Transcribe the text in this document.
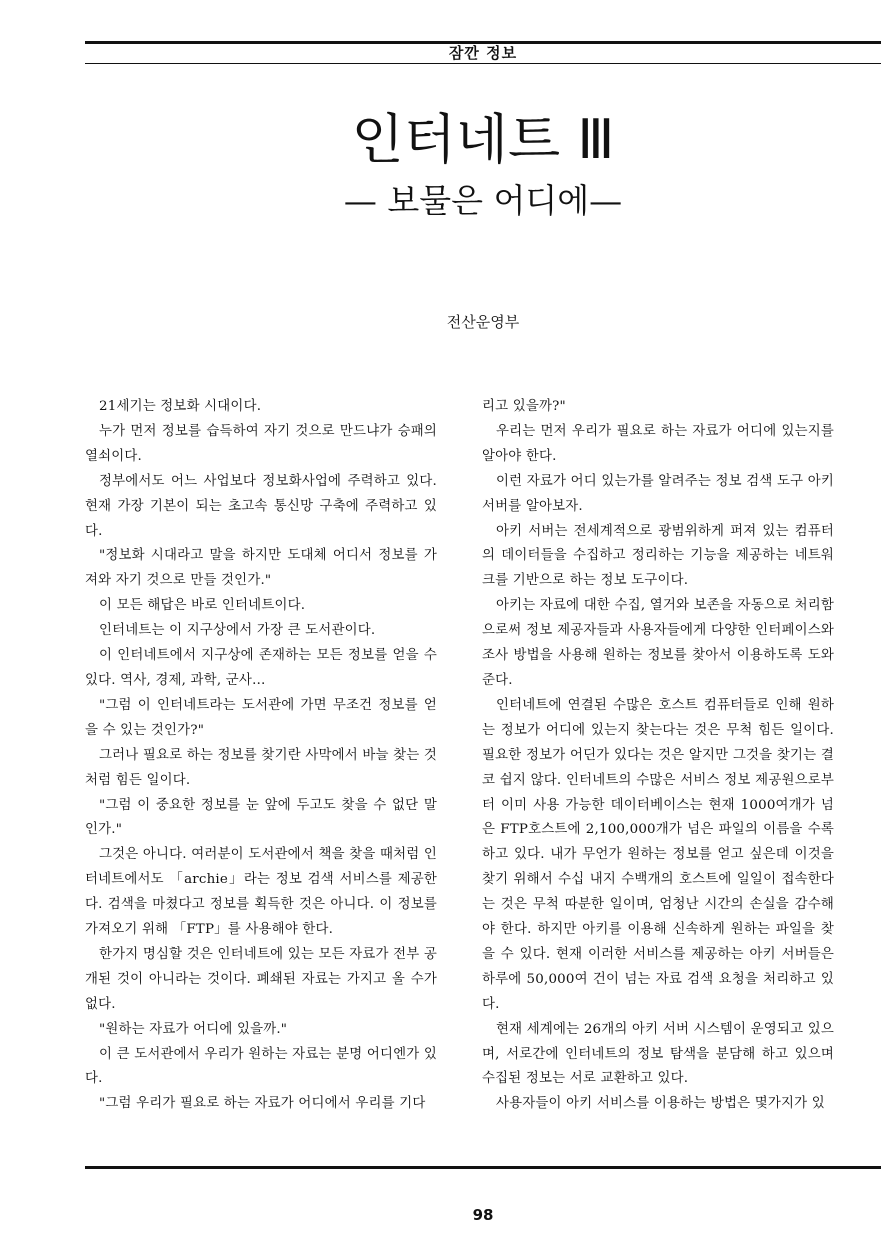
잠깐 정보
인터네트 Ⅲ
— 보물은 어디에—
전산운영부

21세기는 정보화 시대이다.

누가 먼저 정보를 습득하여 자기 것으로 만드냐가 승패의 열쇠이다.

정부에서도 어느 사업보다 정보화사업에 주력하고 있다. 현재 가장 기본이 되는 초고속 통신망 구축에 주력하고 있다.

"정보화 시대라고 말을 하지만 도대체 어디서 정보를 가져와 자기 것으로 만들 것인가."

이 모든 해답은 바로 인터네트이다.

인터네트는 이 지구상에서 가장 큰 도서관이다.

이 인터네트에서 지구상에 존재하는 모든 정보를 얻을 수 있다. 역사, 경제, 과학, 군사…

"그럼 이 인터네트라는 도서관에 가면 무조건 정보를 얻을 수 있는 것인가?"

그러나 필요로 하는 정보를 찾기란 사막에서 바늘 찾는 것처럼 힘든 일이다.

"그럼 이 중요한 정보를 눈 앞에 두고도 찾을 수 없단 말인가."

그것은 아니다. 여러분이 도서관에서 책을 찾을 때처럼 인터네트에서도 「archie」라는 정보 검색 서비스를 제공한다. 검색을 마쳤다고 정보를 획득한 것은 아니다. 이 정보를 가져오기 위해 「FTP」를 사용해야 한다.

한가지 명심할 것은 인터네트에 있는 모든 자료가 전부 공개된 것이 아니라는 것이다. 폐쇄된 자료는 가지고 올 수가 없다.

"원하는 자료가 어디에 있을까."

이 큰 도서관에서 우리가 원하는 자료는 분명 어디엔가 있다.

"그럼 우리가 필요로 하는 자료가 어디에서 우리를 기다

리고 있을까?"

우리는 먼저 우리가 필요로 하는 자료가 어디에 있는지를 알아야 한다.

이런 자료가 어디 있는가를 알려주는 정보 검색 도구 아키 서버를 알아보자.

아키 서버는 전세계적으로 광범위하게 퍼져 있는 컴퓨터의 데이터들을 수집하고 정리하는 기능을 제공하는 네트워크를 기반으로 하는 정보 도구이다.

아키는 자료에 대한 수집, 열거와 보존을 자동으로 처리함으로써 정보 제공자들과 사용자들에게 다양한 인터페이스와 조사 방법을 사용해 원하는 정보를 찾아서 이용하도록 도와 준다.

인터네트에 연결된 수많은 호스트 컴퓨터들로 인해 원하는 정보가 어디에 있는지 찾는다는 것은 무척 힘든 일이다. 필요한 정보가 어딘가 있다는 것은 알지만 그것을 찾기는 결코 쉽지 않다. 인터네트의 수많은 서비스 정보 제공원으로부터 이미 사용 가능한 데이터베이스는 현재 1000여개가 넘은 FTP호스트에 2,100,000개가 넘은 파일의 이름을 수록하고 있다. 내가 무언가 원하는 정보를 얻고 싶은데 이것을 찾기 위해서 수십 내지 수백개의 호스트에 일일이 접속한다는 것은 무척 따분한 일이며, 엄청난 시간의 손실을 감수해야 한다. 하지만 아키를 이용해 신속하게 원하는 파일을 찾을 수 있다. 현재 이러한 서비스를 제공하는 아키 서버들은 하루에 50,000여 건이 넘는 자료 검색 요청을 처리하고 있다.

현재 세계에는 26개의 아키 서버 시스템이 운영되고 있으며, 서로간에 인터네트의 정보 탐색을 분담해 하고 있으며 수집된 정보는 서로 교환하고 있다.

사용자들이 아키 서비스를 이용하는 방법은 몇가지가 있

98
